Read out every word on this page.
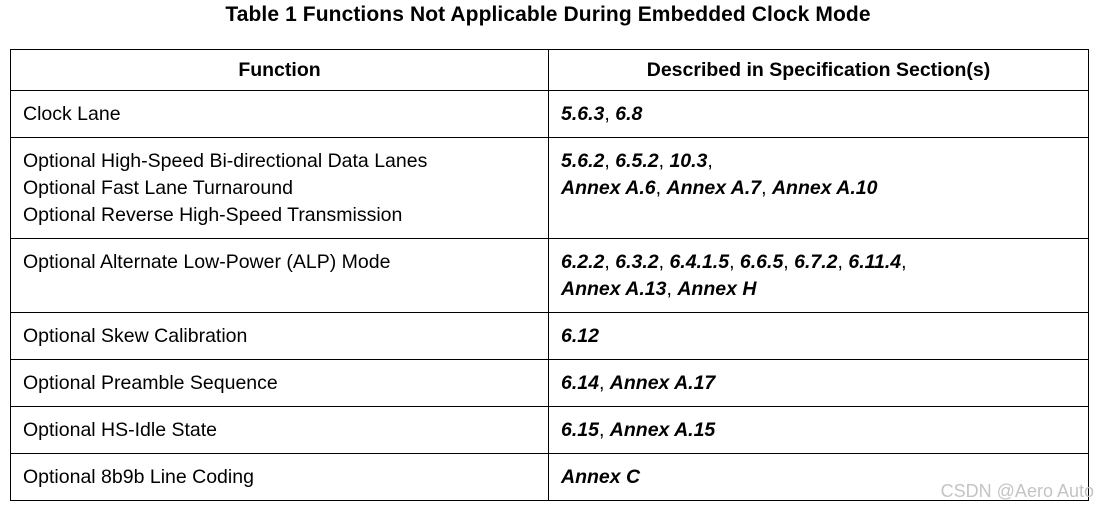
Table 1 Functions Not Applicable During Embedded Clock Mode
Function	Described in Specification Section(s)

Clock Lane	5.6.3, 6.8

Optional High-Speed Bi-directional Data Lanes
Optional Fast Lane Turnaround
Optional Reverse High-Speed Transmission	5.6.2, 6.5.2, 10.3,
Annex A.6, Annex A.7, Annex A.10

Optional Alternate Low-Power (ALP) Mode	6.2.2, 6.3.2, 6.4.1.5, 6.6.5, 6.7.2, 6.11.4,
Annex A.13, Annex H

Optional Skew Calibration	6.12

Optional Preamble Sequence	6.14, Annex A.17

Optional HS-Idle State	6.15, Annex A.15

Optional 8b9b Line Coding	Annex C
CSDN @Aero Auto
